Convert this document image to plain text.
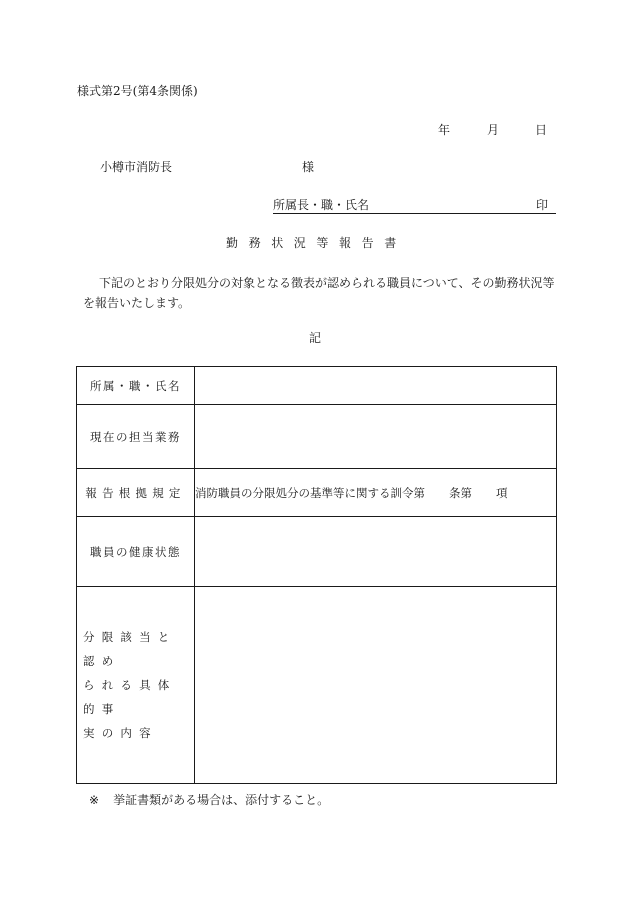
様式第2号(第4条関係)
年	月	日
小樽市消防長	様
所属長・職・氏名	印
勤務状況等報告書
下記のとおり分限処分の対象となる徴表が認められる職員について、その勤務状況等を報告いたします。
記
所属・職・氏名	
現在の担当業務	
報告根拠規定	消防職員の分限処分の基準等に関する訓令第 条第 項
職員の健康状態	

分限該当と認め
られる具体的事
実の内容	

※ 挙証書類がある場合は、添付すること。
